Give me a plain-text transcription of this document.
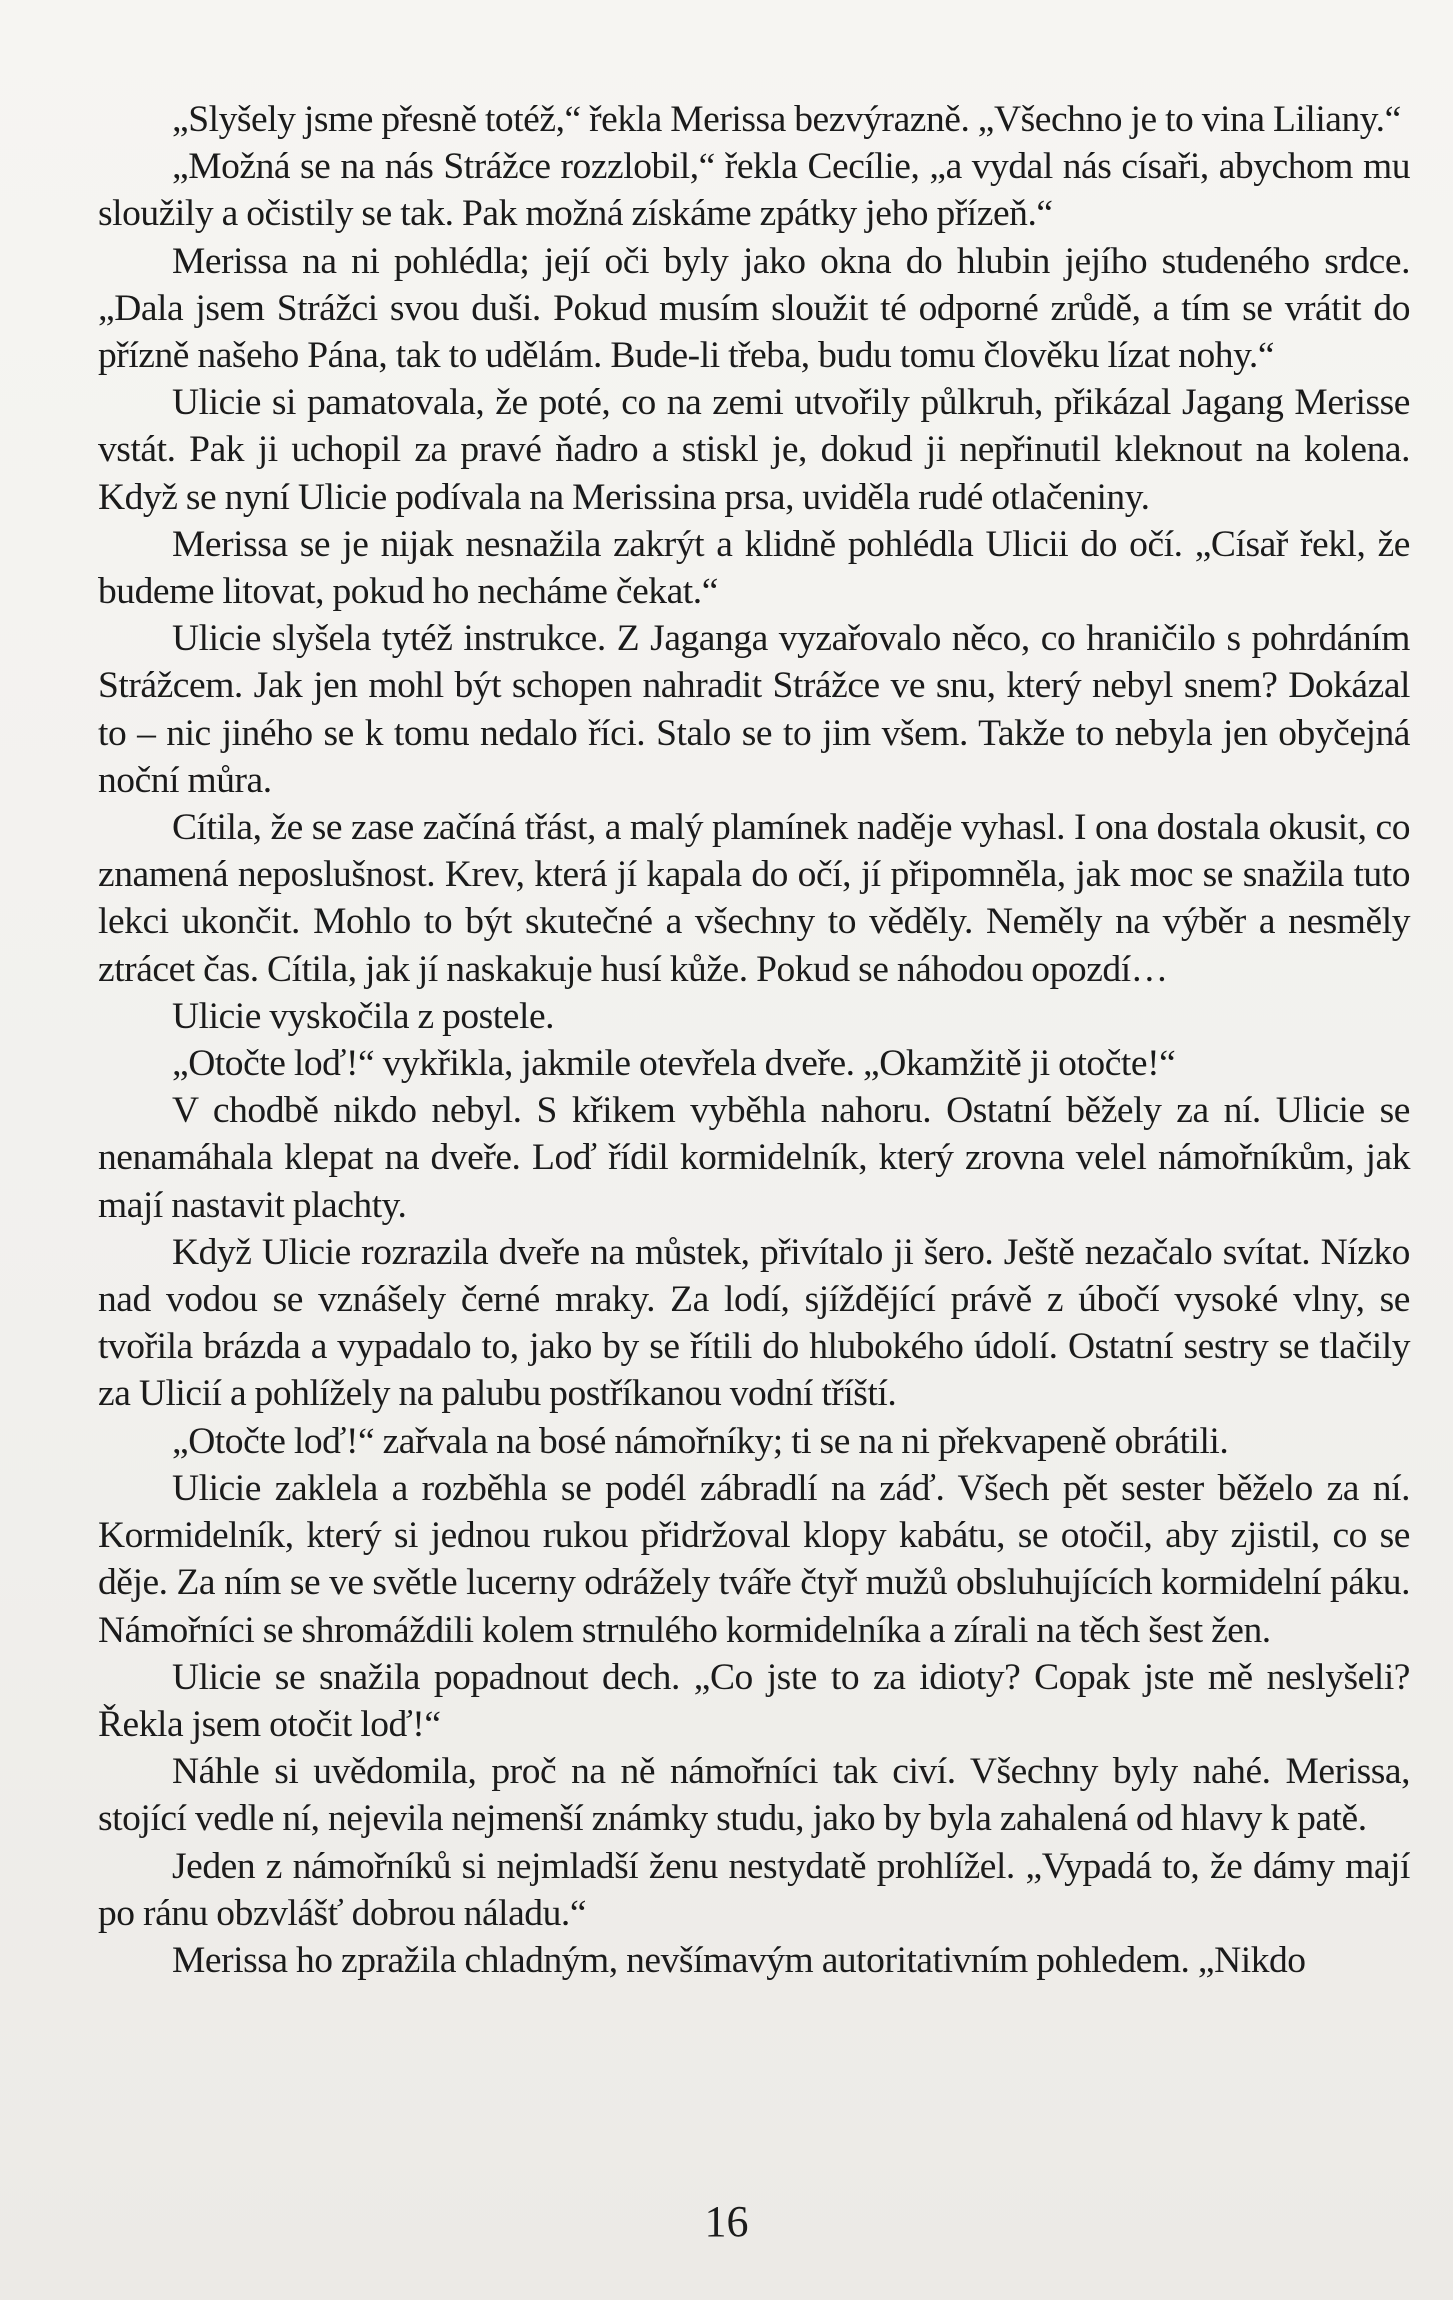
„Slyšely jsme přesně totéž,“ řekla Merissa bezvýrazně. „Všechno je to vina Liliany.“

„Možná se na nás Strážce rozzlobil,“ řekla Cecílie, „a vydal nás císaři, abychom mu sloužily a očistily se tak. Pak možná získáme zpátky jeho přízeň.“

Merissa na ni pohlédla; její oči byly jako okna do hlubin jejího studeného srdce. „Dala jsem Strážci svou duši. Pokud musím sloužit té odporné zrůdě, a tím se vrátit do přízně našeho Pána, tak to udělám. Bude-li třeba, budu tomu člověku lízat nohy.“

Ulicie si pamatovala, že poté, co na zemi utvořily půlkruh, přikázal Jagang Merisse vstát. Pak ji uchopil za pravé ňadro a stiskl je, dokud ji nepřinutil kleknout na kolena. Když se nyní Ulicie podívala na Merissina prsa, uviděla rudé otlačeniny.

Merissa se je nijak nesnažila zakrýt a klidně pohlédla Ulicii do očí. „Císař řekl, že budeme litovat, pokud ho necháme čekat.“

Ulicie slyšela tytéž instrukce. Z Jaganga vyzařovalo něco, co hraničilo s pohrdáním Strážcem. Jak jen mohl být schopen nahradit Strážce ve snu, který nebyl snem? Dokázal to – nic jiného se k tomu nedalo říci. Stalo se to jim všem. Takže to nebyla jen obyčejná noční můra.

Cítila, že se zase začíná třást, a malý plamínek naděje vyhasl. I ona dostala okusit, co znamená neposlušnost. Krev, která jí kapala do očí, jí připomněla, jak moc se snažila tuto lekci ukončit. Mohlo to být skutečné a všechny to věděly. Neměly na výběr a nesměly ztrácet čas. Cítila, jak jí naskakuje husí kůže. Pokud se náhodou opozdí…

Ulicie vyskočila z postele.

„Otočte loď!“ vykřikla, jakmile otevřela dveře. „Okamžitě ji otočte!“

V chodbě nikdo nebyl. S křikem vyběhla nahoru. Ostatní běžely za ní. Ulicie se nenamáhala klepat na dveře. Loď řídil kormidelník, který zrovna velel námořníkům, jak mají nastavit plachty.

Když Ulicie rozrazila dveře na můstek, přivítalo ji šero. Ještě nezačalo svítat. Nízko nad vodou se vznášely černé mraky. Za lodí, sjíždějící právě z úbočí vysoké vlny, se tvořila brázda a vypadalo to, jako by se řítili do hlubokého údolí. Ostatní sestry se tlačily za Ulicií a pohlížely na palubu postříkanou vodní tříští.

„Otočte loď!“ zařvala na bosé námořníky; ti se na ni překvapeně obrátili.

Ulicie zaklela a rozběhla se podél zábradlí na záď. Všech pět sester běželo za ní. Kormidelník, který si jednou rukou přidržoval klopy kabátu, se otočil, aby zjistil, co se děje. Za ním se ve světle lucerny odrážely tváře čtyř mužů obsluhujících kormidelní páku. Námořníci se shromáždili kolem strnulého kormidelníka a zírali na těch šest žen.

Ulicie se snažila popadnout dech. „Co jste to za idioty? Copak jste mě neslyšeli? Řekla jsem otočit loď!“

Náhle si uvědomila, proč na ně námořníci tak civí. Všechny byly nahé. Merissa, stojící vedle ní, nejevila nejmenší známky studu, jako by byla zahalená od hlavy k patě.

Jeden z námořníků si nejmladší ženu nestydatě prohlížel. „Vypadá to, že dámy mají po ránu obzvlášť dobrou náladu.“

Merissa ho zpražila chladným, nevšímavým autoritativním pohledem. „Nikdo

16
